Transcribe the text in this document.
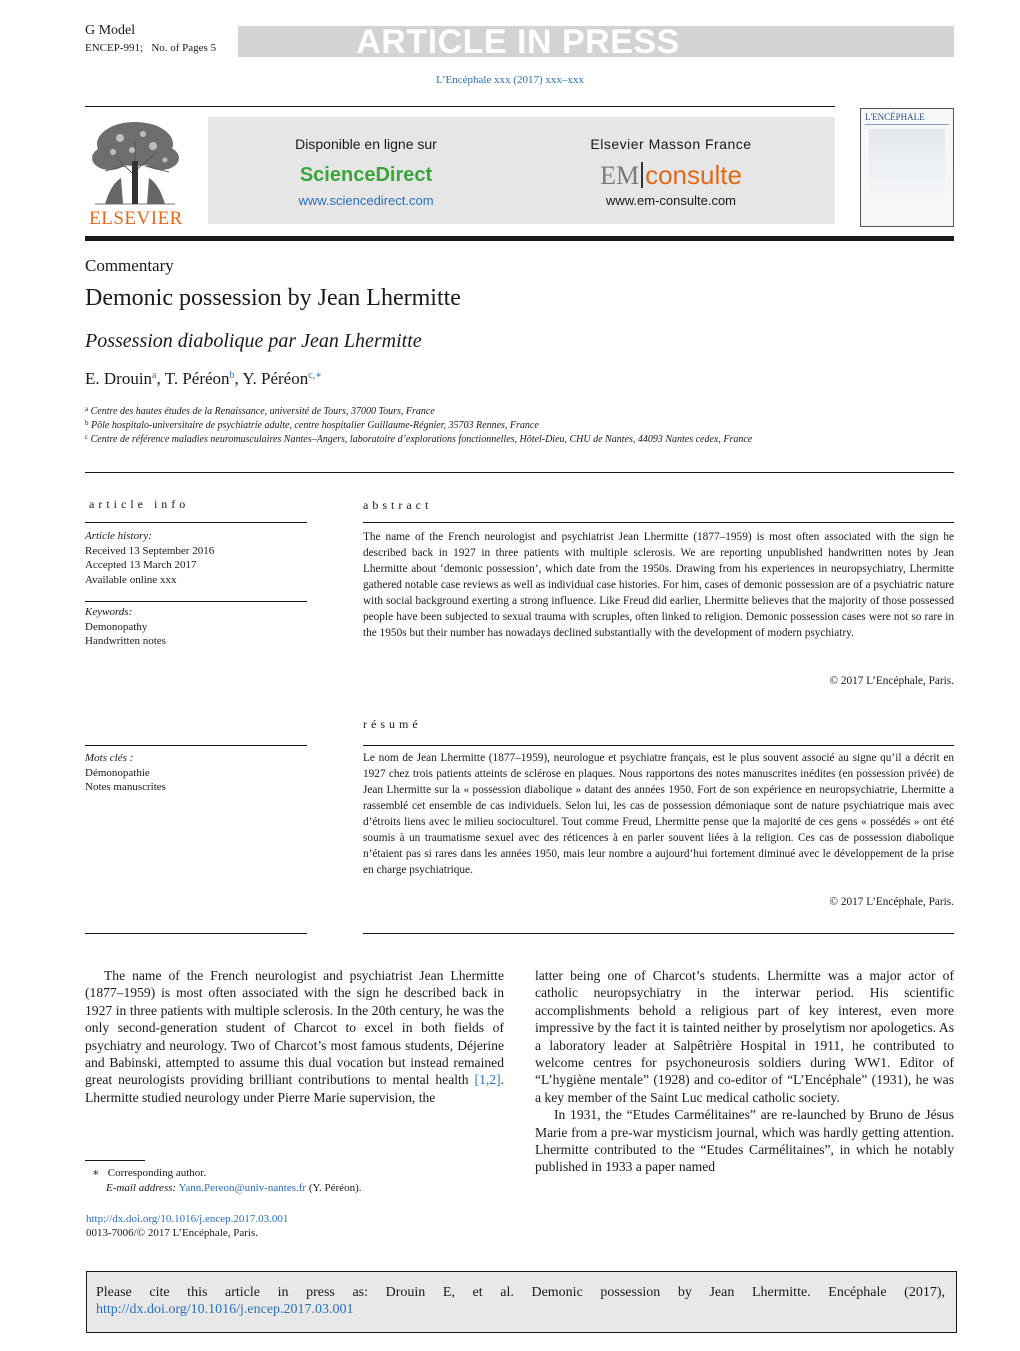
G Model
ENCEP-991; No. of Pages 5	ARTICLE IN PRESS
L’Encéphale xxx (2017) xxx–xxx
ELSEVIER
Disponible en ligne sur
ScienceDirect
www.sciencedirect.com
Elsevier Masson France
EM consulte
www.em-consulte.com
L'ENCÉPHALE
Commentary
Demonic possession by Jean Lhermitte
Possession diabolique par Jean Lhermitte
E. Drouin$^a$, T. Péréon$^b$, Y. Péréon$^{c,∗}$
$^a$ Centre des hautes études de la Renaissance, université de Tours, 37000 Tours, France
$^b$ Pôle hospitalo-universitaire de psychiatrie adulte, centre hospitalier Guillaume-Régnier, 35703 Rennes, France
$^c$ Centre de référence maladies neuromusculaires Nantes–Angers, laboratoire d’explorations fonctionnelles, Hôtel-Dieu, CHU de Nantes, 44093 Nantes cedex, France
article info
Article history:
Received 13 September 2016
Accepted 13 March 2017
Available online xxx
Keywords:
Demonopathy
Handwritten notes
Mots clés :
Démonopathie
Notes manuscrites
abstract
The name of the French neurologist and psychiatrist Jean Lhermitte (1877–1959) is most often associated with the sign he described back in 1927 in three patients with multiple sclerosis. We are reporting unpublished handwritten notes by Jean Lhermitte about ‘demonic possession’, which date from the 1950s. Drawing from his experiences in neuropsychiatry, Lhermitte gathered notable case reviews as well as individual case histories. For him, cases of demonic possession are of a psychiatric nature with social background exerting a strong influence. Like Freud did earlier, Lhermitte believes that the majority of those possessed people have been subjected to sexual trauma with scruples, often linked to religion. Demonic possession cases were not so rare in the 1950s but their number has nowadays declined substantially with the development of modern psychiatry.
© 2017 L’Encéphale, Paris.
résumé
Le nom de Jean Lhermitte (1877–1959), neurologue et psychiatre français, est le plus souvent associé au signe qu’il a décrit en 1927 chez trois patients atteints de sclérose en plaques. Nous rapportons des notes manuscrites inédites (en possession privée) de Jean Lhermitte sur la « possession diabolique » datant des années 1950. Fort de son expérience en neuropsychiatrie, Lhermitte a rassemblé cet ensemble de cas individuels. Selon lui, les cas de possession démoniaque sont de nature psychiatrique mais avec d’étroits liens avec le milieu socioculturel. Tout comme Freud, Lhermitte pense que la majorité de ces gens « possédés » ont été soumis à un traumatisme sexuel avec des réticences à en parler souvent liées à la religion. Ces cas de possession diabolique n’étaient pas si rares dans les années 1950, mais leur nombre a aujourd’hui fortement diminué avec le développement de la prise en charge psychiatrique.
© 2017 L’Encéphale, Paris.

The name of the French neurologist and psychiatrist Jean Lhermitte (1877–1959) is most often associated with the sign he described back in 1927 in three patients with multiple sclerosis. In the 20th century, he was the only second-generation student of Charcot to excel in both fields of psychiatry and neurology. Two of Charcot’s most famous students, Déjerine and Babinski, attempted to assume this dual vocation but instead remained great neurologists providing brilliant contributions to mental health [1,2]. Lhermitte studied neurology under Pierre Marie supervision, the

latter being one of Charcot’s students. Lhermitte was a major actor of catholic neuropsychiatry in the interwar period. His scientific accomplishments behold a religious part of key interest, even more impressive by the fact it is tainted neither by proselytism nor apologetics. As a laboratory leader at Salpêtrière Hospital in 1911, he contributed to welcome centres for psychoneurosis soldiers during WW1. Editor of “L’hygiène mentale” (1928) and co-editor of “L’Encéphale” (1931), he was a key member of the Saint Luc medical catholic society.

In 1931, the “Etudes Carmélitaines” are re-launched by Bruno de Jésus Marie from a pre-war mysticism journal, which was hardly getting attention. Lhermitte contributed to the “Etudes Carmélitaines”, in which he notably published in 1933 a paper named

∗ Corresponding author.
E-mail address: Yann.Pereon@univ-nantes.fr (Y. Péréon).
http://dx.doi.org/10.1016/j.encep.2017.03.001
0013-7006/© 2017 L’Encéphale, Paris.
Please cite this article in press as: Drouin E, et al. Demonic possession by Jean Lhermitte. Encéphale (2017), http://dx.doi.org/10.1016/j.encep.2017.03.001
